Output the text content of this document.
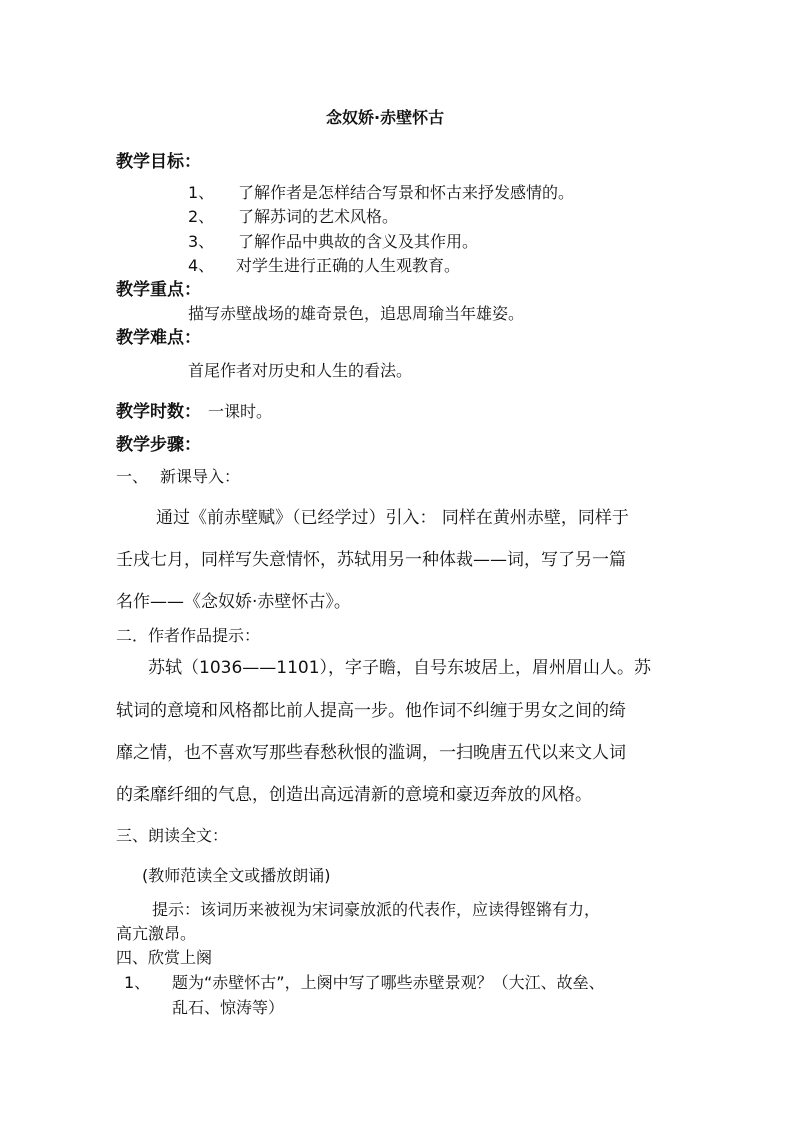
念奴娇·赤壁怀古
教学目标：
1、 了解作者是怎样结合写景和怀古来抒发感情的。
2、 了解苏词的艺术风格。
3、 了解作品中典故的含义及其作用。
4、 对学生进行正确的人生观教育。
教学重点：
描写赤壁战场的雄奇景色，追思周瑜当年雄姿。
教学难点：
首尾作者对历史和人生的看法。
教学时数： 一课时。
教学步骤：
一、 新课导入：
通过《前赤壁赋》（已经学过）引入： 同样在黄州赤壁，同样于
壬戌七月，同样写失意情怀，苏轼用另一种体裁——词，写了另一篇
名作——《念奴娇·赤壁怀古》。
二．作者作品提示：
苏轼（1036——1101），字子瞻，自号东坡居上，眉州眉山人。苏
轼词的意境和风格都比前人提高一步。他作词不纠缠于男女之间的绮
靡之情，也不喜欢写那些春愁秋恨的滥调，一扫晚唐五代以来文人词
的柔靡纤细的气息，创造出高远清新的意境和豪迈奔放的风格。
三、朗读全文：
(教师范读全文或播放朗诵)
提示：该词历来被视为宋词豪放派的代表作，应读得铿锵有力，
高亢激昂。
四、欣赏上阕
1、 题为“赤壁怀古”，上阕中写了哪些赤壁景观？（大江、故垒、
乱石、惊涛等）
